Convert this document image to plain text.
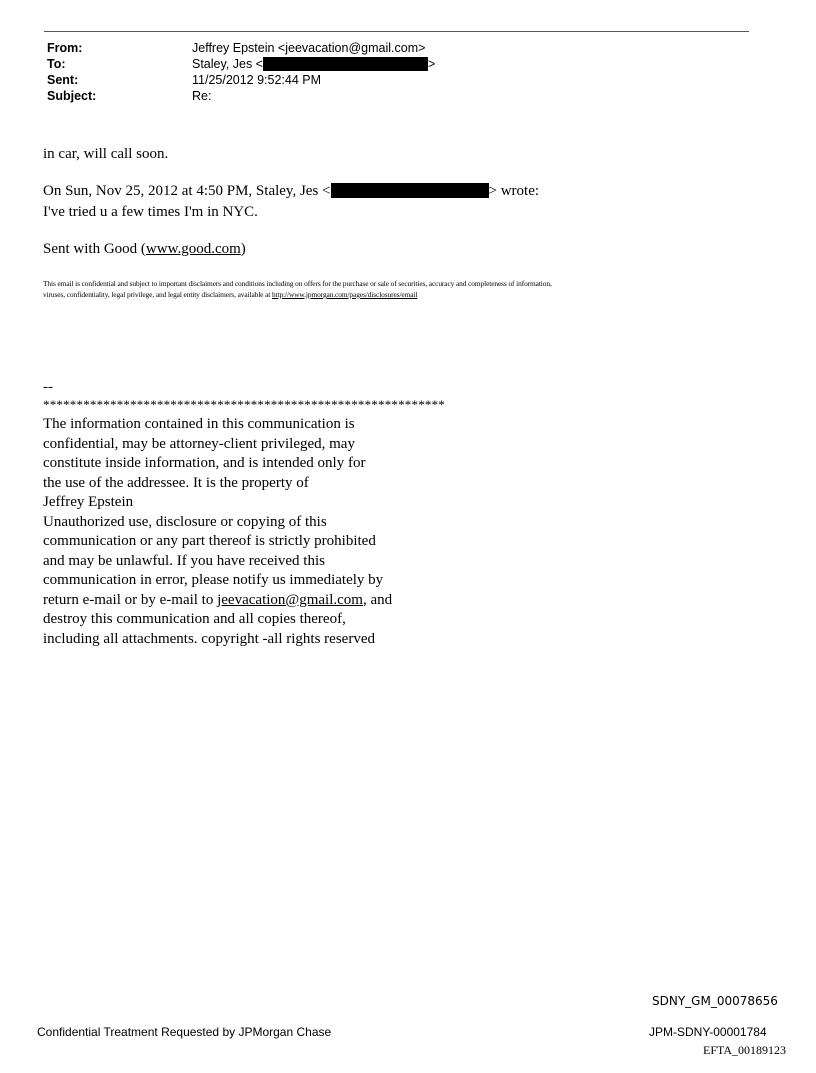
From:	Jeffrey Epstein <jeevacation@gmail.com>
To:	Staley, Jes <	>
Sent:	11/25/2012 9:52:44 PM
Subject:	Re:
in car, will call soon.
On Sun, Nov 25, 2012 at 4:50 PM, Staley, Jes <	> wrote:
I've tried u a few times I'm in NYC.
Sent with Good (www.good.com)

This email is confidential and subject to important disclaimers and conditions including on offers for the purchase or sale of securities, accuracy and completeness of information,

viruses, confidentiality, legal privilege, and legal entity disclaimers, available at http://www.jpmorgan.com/pages/disclosures/email

--
************************************************************
The information contained in this communication is
confidential, may be attorney-client privileged, may
constitute inside information, and is intended only for
the use of the addressee. It is the property of
Jeffrey Epstein
Unauthorized use, disclosure or copying of this
communication or any part thereof is strictly prohibited
and may be unlawful. If you have received this
communication in error, please notify us immediately by
return e-mail or by e-mail to jeevacation@gmail.com, and
destroy this communication and all copies thereof,
including all attachments. copyright -all rights reserved
SDNY_GM_00078656
Confidential Treatment Requested by JPMorgan Chase	JPM-SDNY-00001784
EFTA_00189123
